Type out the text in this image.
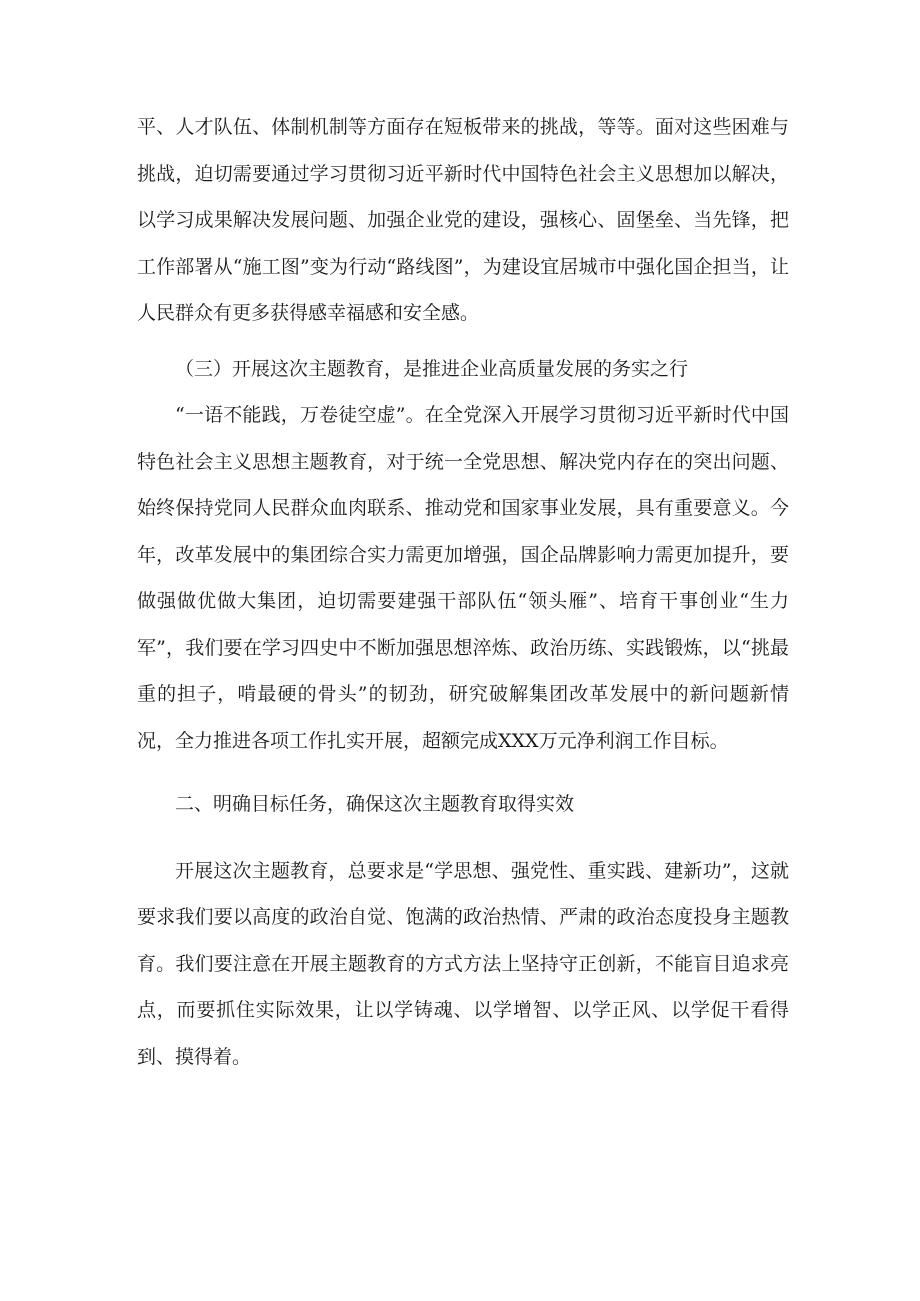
平、人才队伍、体制机制等方面存在短板带来的挑战，等等。面对这些困难与挑战，迫切需要通过学习贯彻习近平新时代中国特色社会主义思想加以解决，以学习成果解决发展问题、加强企业党的建设，强核心、固堡垒、当先锋，把工作部署从“施工图”变为行动“路线图”，为建设宜居城市中强化国企担当，让人民群众有更多获得感幸福感和安全感。

（三）开展这次主题教育，是推进企业高质量发展的务实之行

“一语不能践，万卷徒空虚”。在全党深入开展学习贯彻习近平新时代中国特色社会主义思想主题教育，对于统一全党思想、解决党内存在的突出问题、始终保持党同人民群众血肉联系、推动党和国家事业发展，具有重要意义。今年，改革发展中的集团综合实力需更加增强，国企品牌影响力需更加提升，要做强做优做大集团，迫切需要建强干部队伍“领头雁”、培育干事创业“生力军”，我们要在学习四史中不断加强思想淬炼、政治历练、实践锻炼，以“挑最重的担子，啃最硬的骨头”的韧劲，研究破解集团改革发展中的新问题新情况，全力推进各项工作扎实开展，超额完成XXX万元净利润工作目标。

二、明确目标任务，确保这次主题教育取得实效

开展这次主题教育，总要求是“学思想、强党性、重实践、建新功”，这就要求我们要以高度的政治自觉、饱满的政治热情、严肃的政治态度投身主题教育。我们要注意在开展主题教育的方式方法上坚持守正创新，不能盲目追求亮点，而要抓住实际效果，让以学铸魂、以学增智、以学正风、以学促干看得到、摸得着。
